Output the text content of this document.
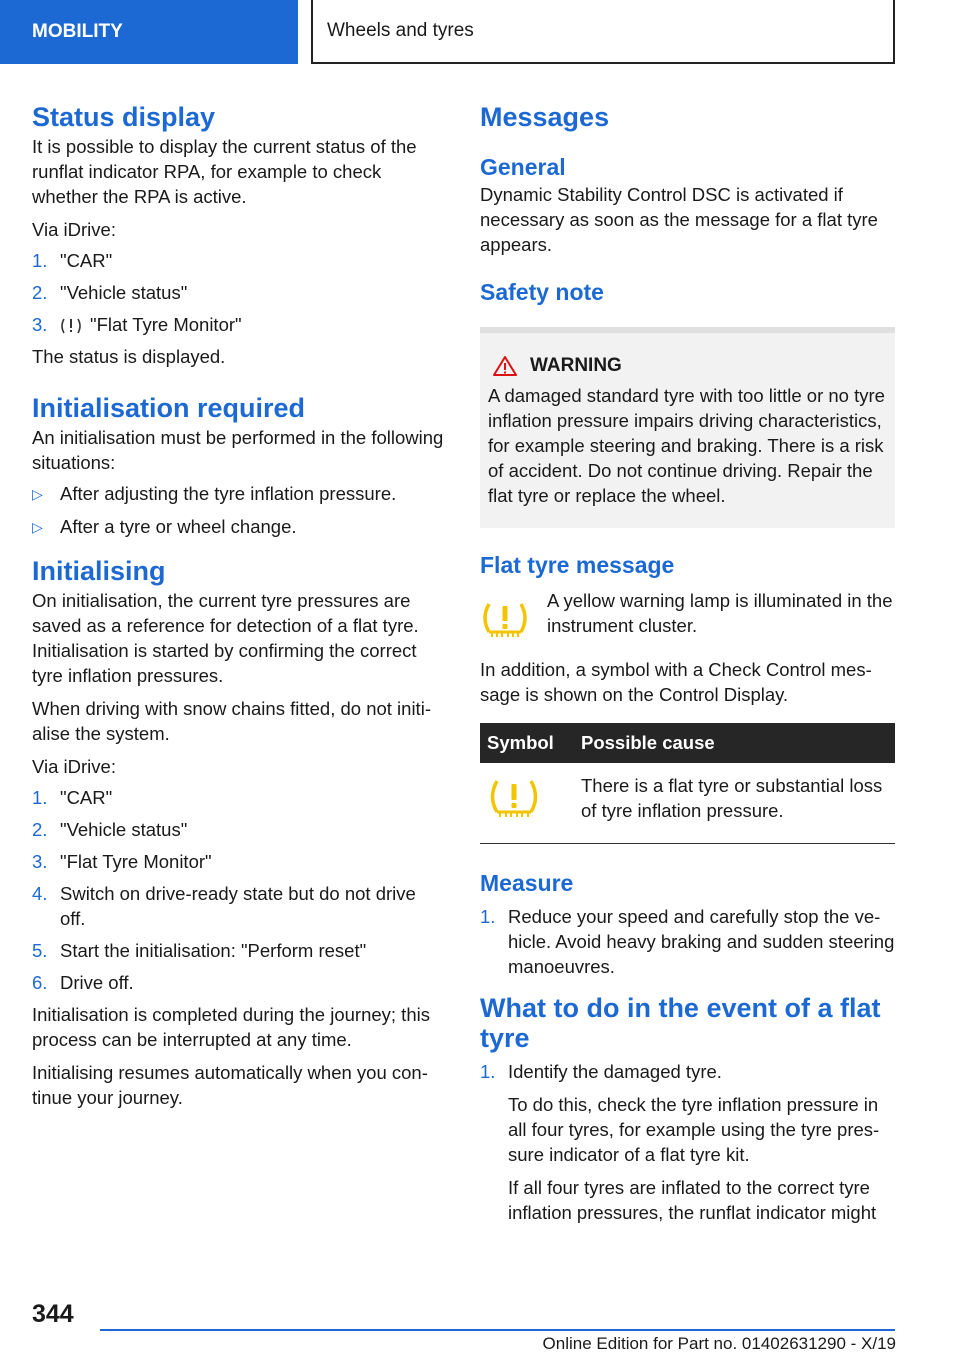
MOBILITY	Wheels and tyres
Status display

It is possible to display the current status of the runflat indicator RPA, for example to check whether the RPA is active.

Via iDrive:

1. "CAR"
2. "Vehicle status"
3.	"Flat Tyre Monitor"

The status is displayed.

Initialisation required

An initialisation must be performed in the following situations:

▷ After adjusting the tyre inflation pressure.
▷ After a tyre or wheel change.
Initialising

On initialisation, the current tyre pressures are saved as a reference for detection of a flat tyre. Initialisation is started by confirming the correct tyre inflation pressures.

When driving with snow chains fitted, do not initialise the system.

Via iDrive:

1. "CAR"
2. "Vehicle status"
3. "Flat Tyre Monitor"
4. Switch on drive-ready state but do not drive off.
5. Start the initialisation: "Perform reset"
6. Drive off.

Initialisation is completed during the journey; this process can be interrupted at any time.

Initialising resumes automatically when you continue your journey.

Messages
General

Dynamic Stability Control DSC is activated if necessary as soon as the message for a flat tyre appears.

Safety note
WARNING

A damaged standard tyre with too little or no tyre inflation pressure impairs driving characteristics, for example steering and braking. There is a risk of accident. Do not continue driving. Repair the flat tyre or replace the wheel.

Flat tyre message

A yellow warning lamp is illuminated in the instrument cluster.

In addition, a symbol with a Check Control message is shown on the Control Display.

Symbol	Possible cause
	There is a flat tyre or substantial loss of tyre inflation pressure.
Measure
1. Reduce your speed and carefully stop the vehicle. Avoid heavy braking and sudden steering manoeuvres.
What to do in the event of a flat tyre
1. Identify the damaged tyre.

To do this, check the tyre inflation pressure in all four tyres, for example using the tyre pressure indicator of a flat tyre kit.

If all four tyres are inflated to the correct tyre inflation pressures, the runflat indicator might

344
Online Edition for Part no. 01402631290 - X/19
